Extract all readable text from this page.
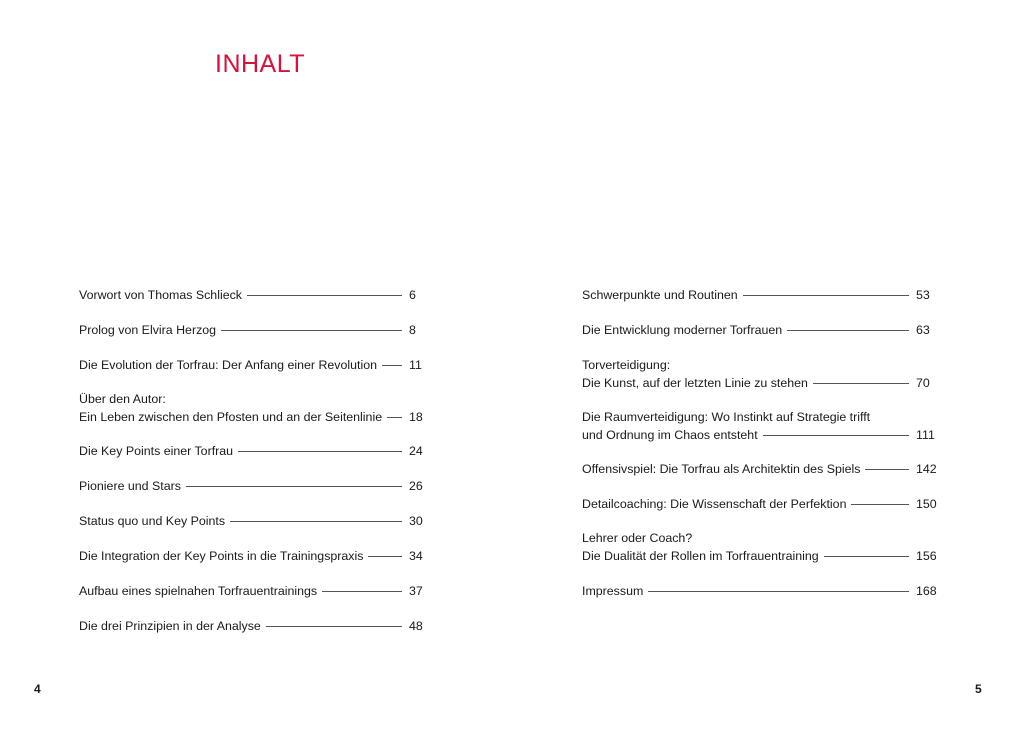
INHALT
Vorwort von Thomas Schlieck	6
Prolog von Elvira Herzog	8
Die Evolution der Torfrau: Der Anfang einer Revolution	11
Über den Autor:
Ein Leben zwischen den Pfosten und an der Seitenlinie 18
Die Key Points einer Torfrau	24
Pioniere und Stars	26
Status quo und Key Points	30
Die Integration der Key Points in die Trainingspraxis	34
Aufbau eines spielnahen Torfrauentrainings	37
Die drei Prinzipien in der Analyse	48
Schwerpunkte und Routinen	53
Die Entwicklung moderner Torfrauen	63
Torverteidigung:
Die Kunst, auf der letzten Linie zu stehen	70
Die Raumverteidigung: Wo Instinkt auf Strategie trifft
und Ordnung im Chaos entsteht	111
Offensivspiel: Die Torfrau als Architektin des Spiels	142
Detailcoaching: Die Wissenschaft der Perfektion	150
Lehrer oder Coach?
Die Dualität der Rollen im Torfrauentraining	156
Impressum	168
4	5
